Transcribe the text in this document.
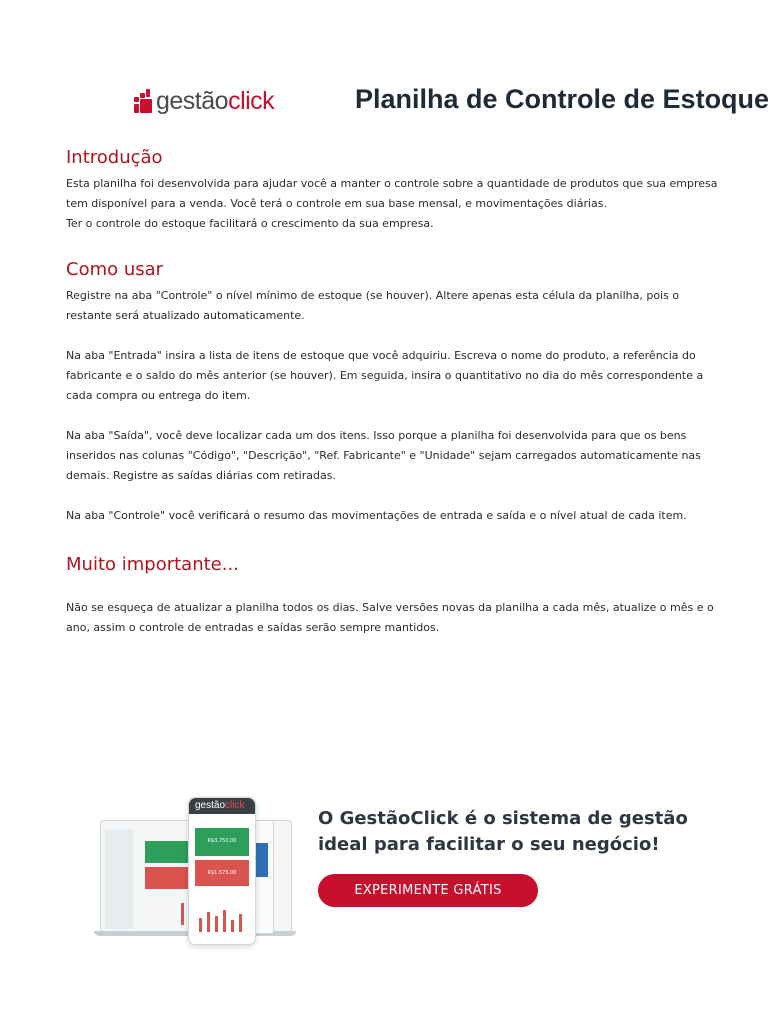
gestãoclick	Planilha de Controle de Estoque
Introdução
Esta planilha foi desenvolvida para ajudar você a manter o controle sobre a quantidade de produtos que sua empresa
tem disponível para a venda. Você terá o controle em sua base mensal, e movimentações diárias.
Ter o controle do estoque facilitará o crescimento da sua empresa.
Como usar
Registre na aba "Controle" o nível mínimo de estoque (se houver). Altere apenas esta célula da planilha, pois o
restante será atualizado automaticamente.
Na aba "Entrada" insira a lista de itens de estoque que você adquiriu. Escreva o nome do produto, a referência do
fabricante e o saldo do mês anterior (se houver). Em seguida, insira o quantitativo no dia do mês correspondente a
cada compra ou entrega do item.
Na aba "Saída", você deve localizar cada um dos itens. Isso porque a planilha foi desenvolvida para que os bens
inseridos nas colunas "Código", "Descrição", "Ref. Fabricante" e "Unidade" sejam carregados automaticamente nas
demais. Registre as saídas diárias com retiradas.
Na aba "Controle" você verificará o resumo das movimentações de entrada e saída e o nível atual de cada item.
Muito importante...
Não se esqueça de atualizar a planilha todos os dias. Salve versões novas da planilha a cada mês, atualize o mês e o
ano, assim o controle de entradas e saídas serão sempre mantidos.
gestãoclick
R$3.750,00
R$1.575,00
O GestãoClick é o sistema de gestão
ideal para facilitar o seu negócio!
EXPERIMENTE GRÁTIS
